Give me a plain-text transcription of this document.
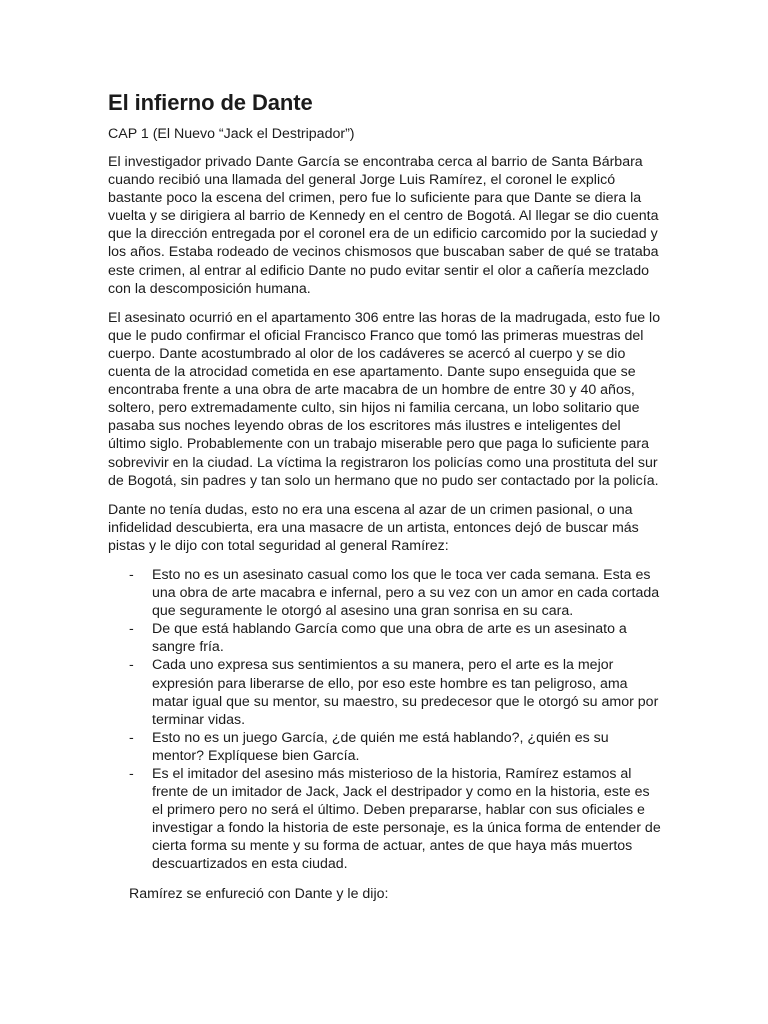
El infierno de Dante

CAP 1 (El Nuevo “Jack el Destripador”)

El investigador privado Dante García se encontraba cerca al barrio de Santa Bárbara cuando recibió una llamada del general Jorge Luis Ramírez, el coronel le explicó bastante poco la escena del crimen, pero fue lo suficiente para que Dante se diera la vuelta y se dirigiera al barrio de Kennedy en el centro de Bogotá. Al llegar se dio cuenta que la dirección entregada por el coronel era de un edificio carcomido por la suciedad y los años. Estaba rodeado de vecinos chismosos que buscaban saber de qué se trataba este crimen, al entrar al edificio Dante no pudo evitar sentir el olor a cañería mezclado con la descomposición humana.

El asesinato ocurrió en el apartamento 306 entre las horas de la madrugada, esto fue lo que le pudo confirmar el oficial Francisco Franco que tomó las primeras muestras del cuerpo. Dante acostumbrado al olor de los cadáveres se acercó al cuerpo y se dio cuenta de la atrocidad cometida en ese apartamento. Dante supo enseguida que se encontraba frente a una obra de arte macabra de un hombre de entre 30 y 40 años, soltero, pero extremadamente culto, sin hijos ni familia cercana, un lobo solitario que pasaba sus noches leyendo obras de los escritores más ilustres e inteligentes del último siglo. Probablemente con un trabajo miserable pero que paga lo suficiente para sobrevivir en la ciudad. La víctima la registraron los policías como una prostituta del sur de Bogotá, sin padres y tan solo un hermano que no pudo ser contactado por la policía.

Dante no tenía dudas, esto no era una escena al azar de un crimen pasional, o una infidelidad descubierta, era una masacre de un artista, entonces dejó de buscar más pistas y le dijo con total seguridad al general Ramírez:

- Esto no es un asesinato casual como los que le toca ver cada semana. Esta es una obra de arte macabra e infernal, pero a su vez con un amor en cada cortada que seguramente le otorgó al asesino una gran sonrisa en su cara.
- De que está hablando García como que una obra de arte es un asesinato a sangre fría.
- Cada uno expresa sus sentimientos a su manera, pero el arte es la mejor expresión para liberarse de ello, por eso este hombre es tan peligroso, ama matar igual que su mentor, su maestro, su predecesor que le otorgó su amor por terminar vidas.
- Esto no es un juego García, ¿de quién me está hablando?, ¿quién es su mentor? Explíquese bien García.
- Es el imitador del asesino más misterioso de la historia, Ramírez estamos al frente de un imitador de Jack, Jack el destripador y como en la historia, este es el primero pero no será el último. Deben prepararse, hablar con sus oficiales e investigar a fondo la historia de este personaje, es la única forma de entender de cierta forma su mente y su forma de actuar, antes de que haya más muertos descuartizados en esta ciudad.

Ramírez se enfureció con Dante y le dijo:
